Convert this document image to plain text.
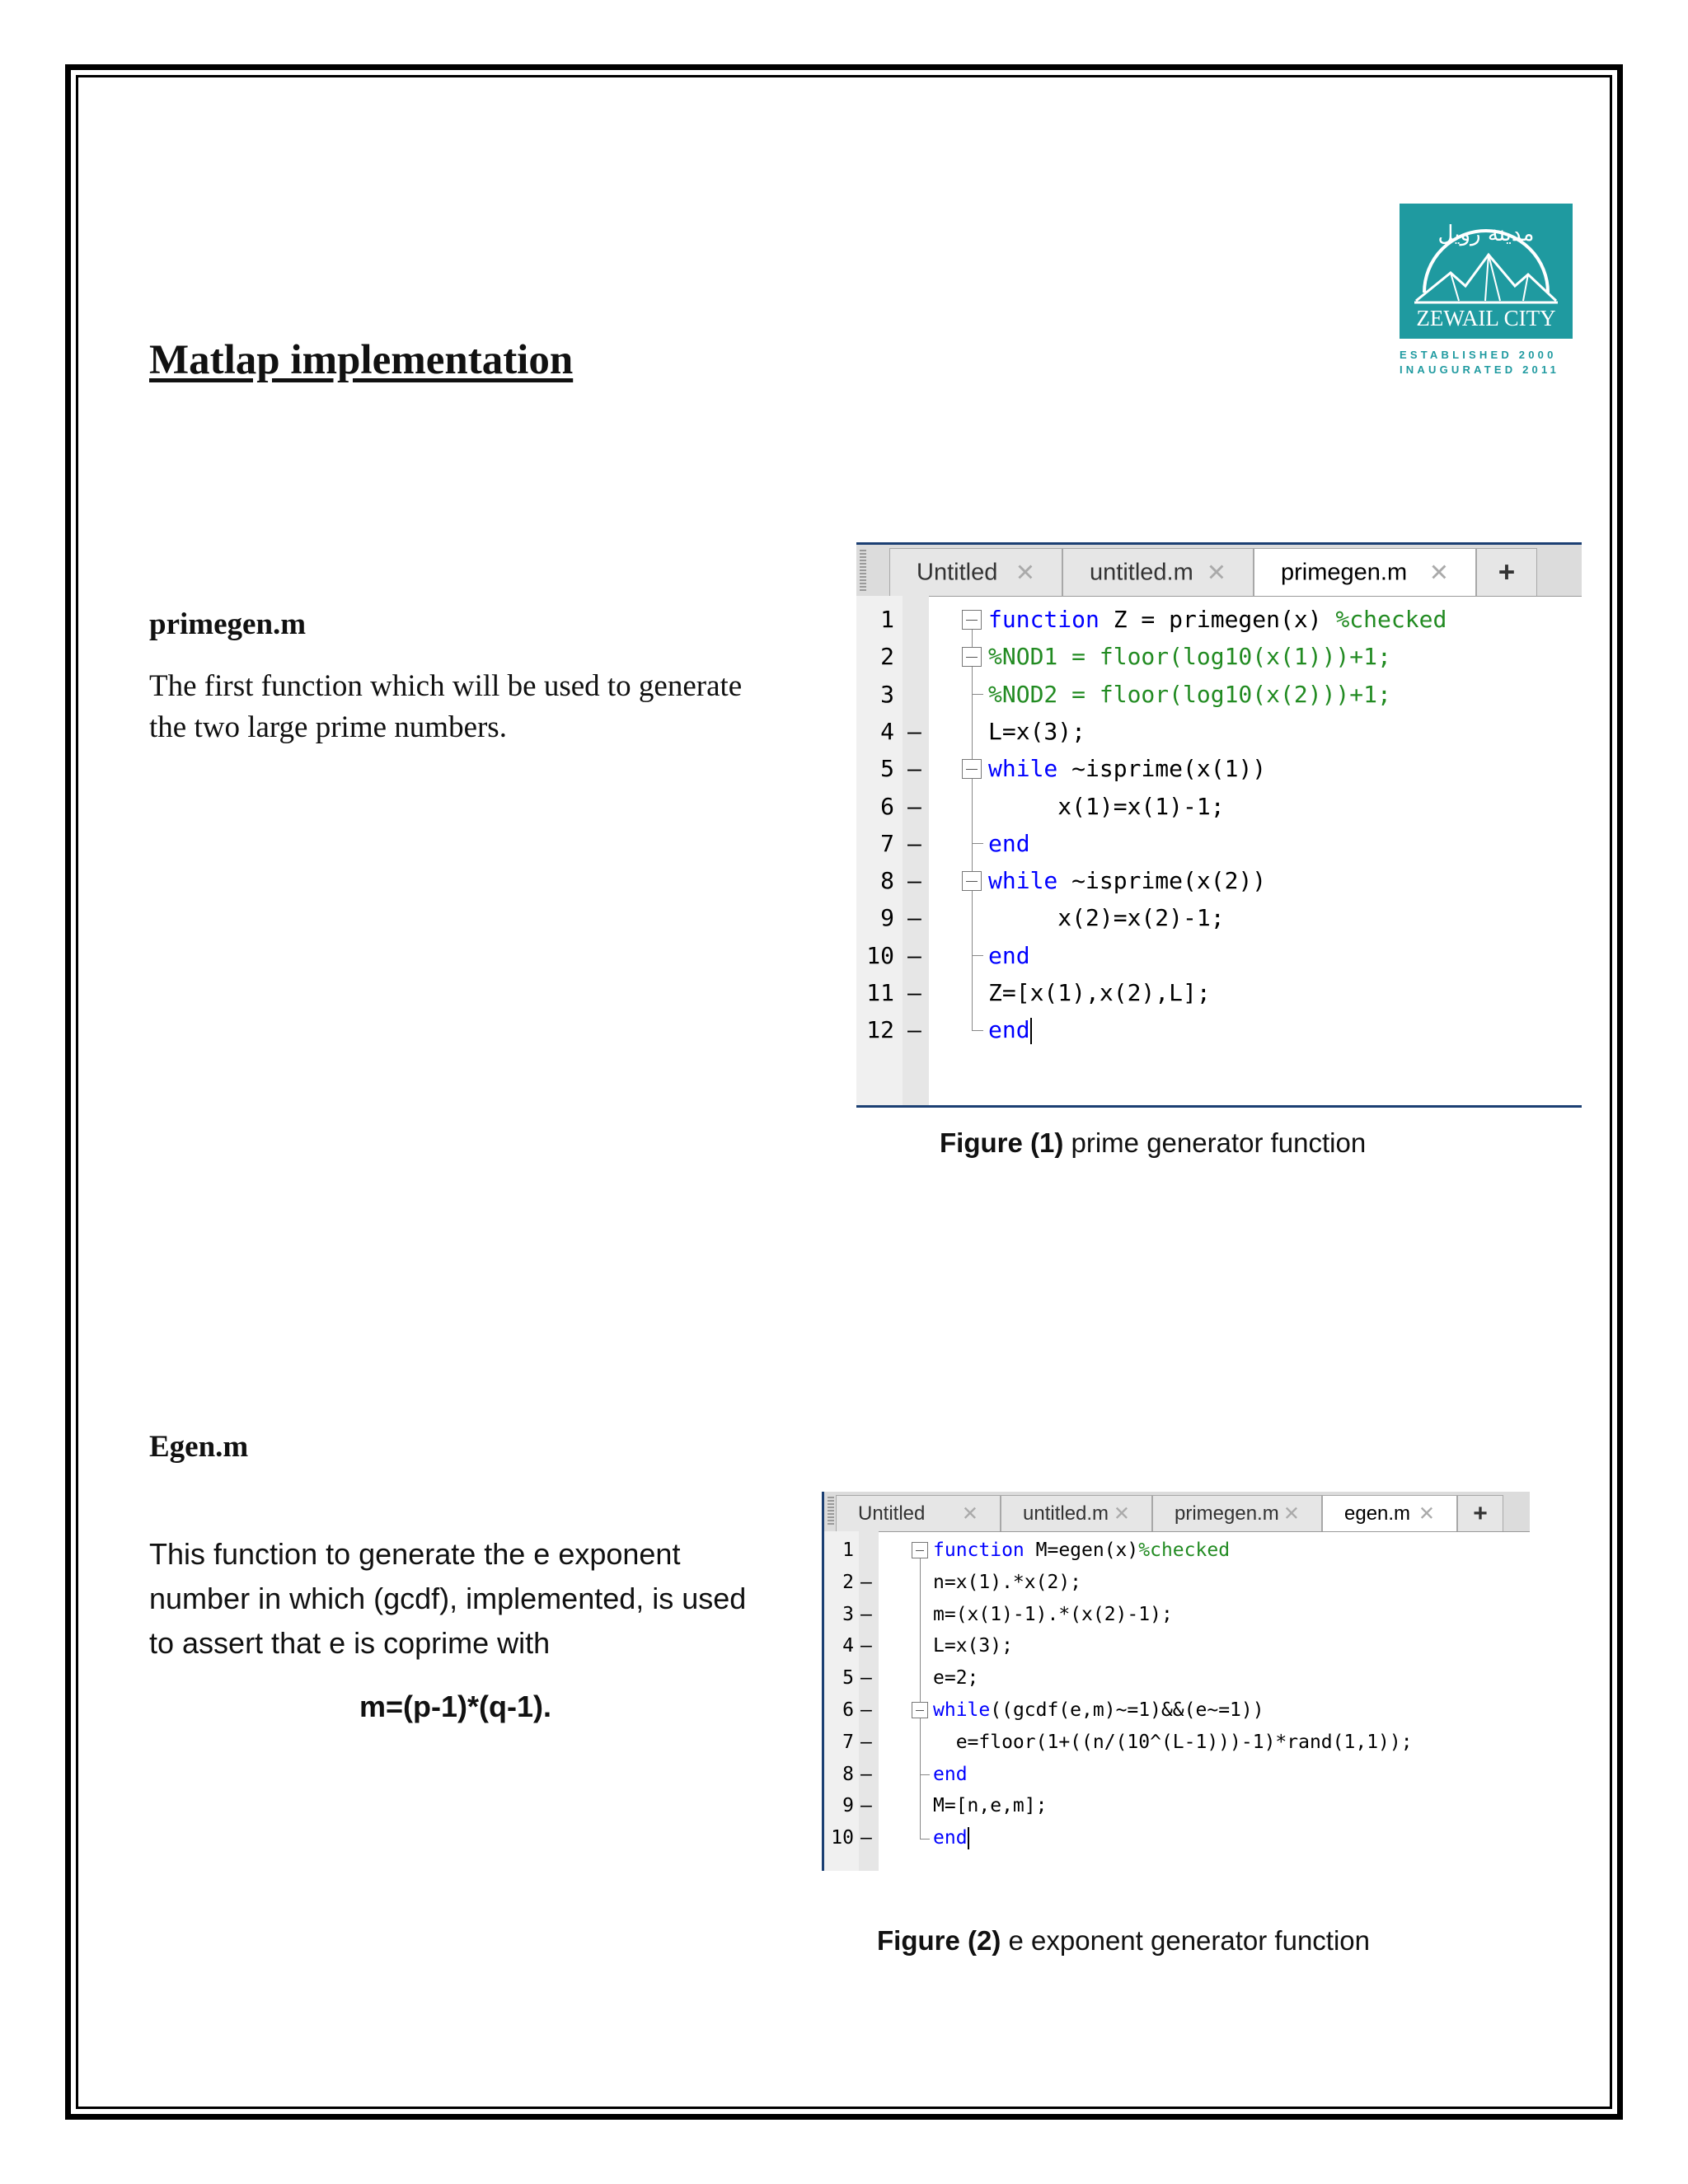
مدينة زويل
ZEWAIL CITY
ESTABLISHED 2000
INAUGURATED 2011
Matlap implementation
primegen.m
The first function which will be used to generate
the two large prime numbers.
Untitled ✕ untitled.m ✕ primegen.m ✕	+
1	function Z = primegen(x) %checked
2	%NOD1 = floor(log10(x(1)))+1;
3	%NOD2 = floor(log10(x(2)))+1;
4 –	L=x(3);
5 –	while ~isprime(x(1))
6 –	x(1)=x(1)-1;
7 –	end
8 –	while ~isprime(x(2))
9 –	x(2)=x(2)-1;
10 –	end
11 –	Z=[x(1),x(2),L];
12 –	end
Figure (1) prime generator function
Egen.m
This function to generate the e exponent
number in which (gcdf), implemented, is used
to assert that e is coprime with
m=(p-1)*(q-1).
Untitled ✕ untitled.m ✕ primegen.m ✕ egen.m ✕	+
1	function M=egen(x)%checked
2 –	n=x(1).*x(2);
3 –	m=(x(1)-1).*(x(2)-1);
4 –	L=x(3);
5 –	e=2;
6 –	while((gcdf(e,m)~=1)&&(e~=1))
7 –	e=floor(1+((n/(10^(L-1)))-1)*rand(1,1));
8 –	end
9 –	M=[n,e,m];
10 –	end
Figure (2) e exponent generator function
